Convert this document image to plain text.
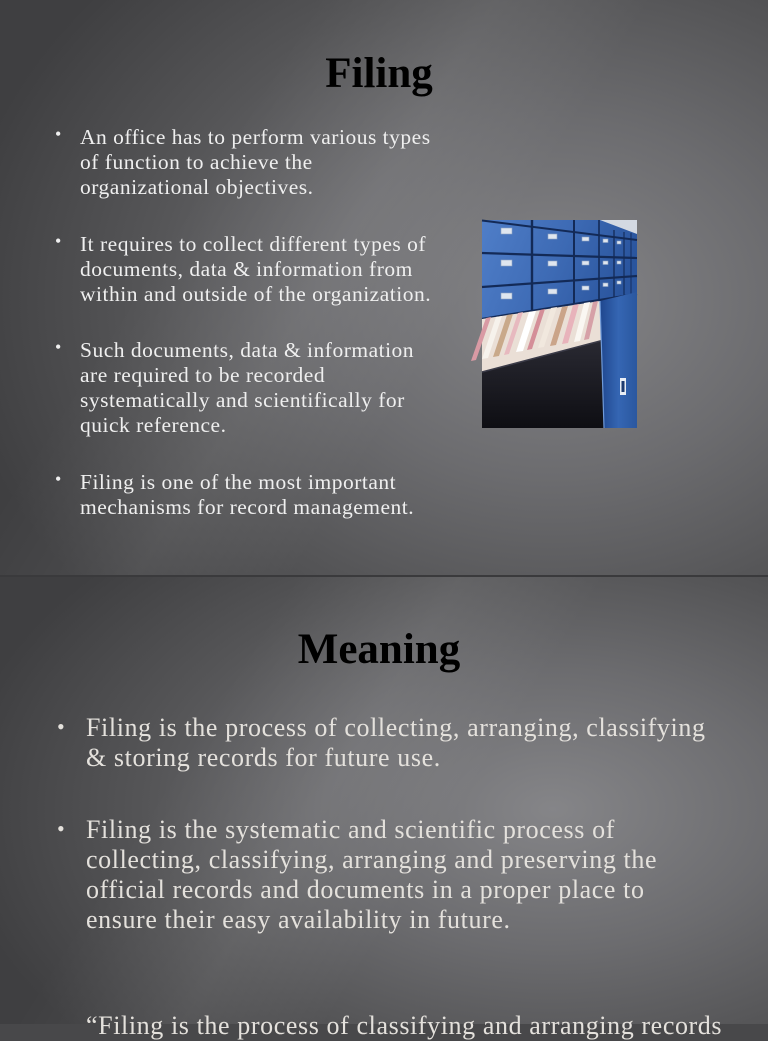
Filing
• An office has to perform various types
of function to achieve the
organizational objectives.
• It requires to collect different types of
documents, data & information from
within and outside of the organization.
• Such documents, data & information
are required to be recorded
systematically and scientifically for
quick reference.
• Filing is one of the most important
mechanisms for record management.
Meaning
• Filing is the process of collecting, arranging, classifying
& storing records for future use.
• Filing is the systematic and scientific process of
collecting, classifying, arranging and preserving the
official records and documents in a proper place to
ensure their easy availability in future.
“Filing is the process of classifying and arranging records
